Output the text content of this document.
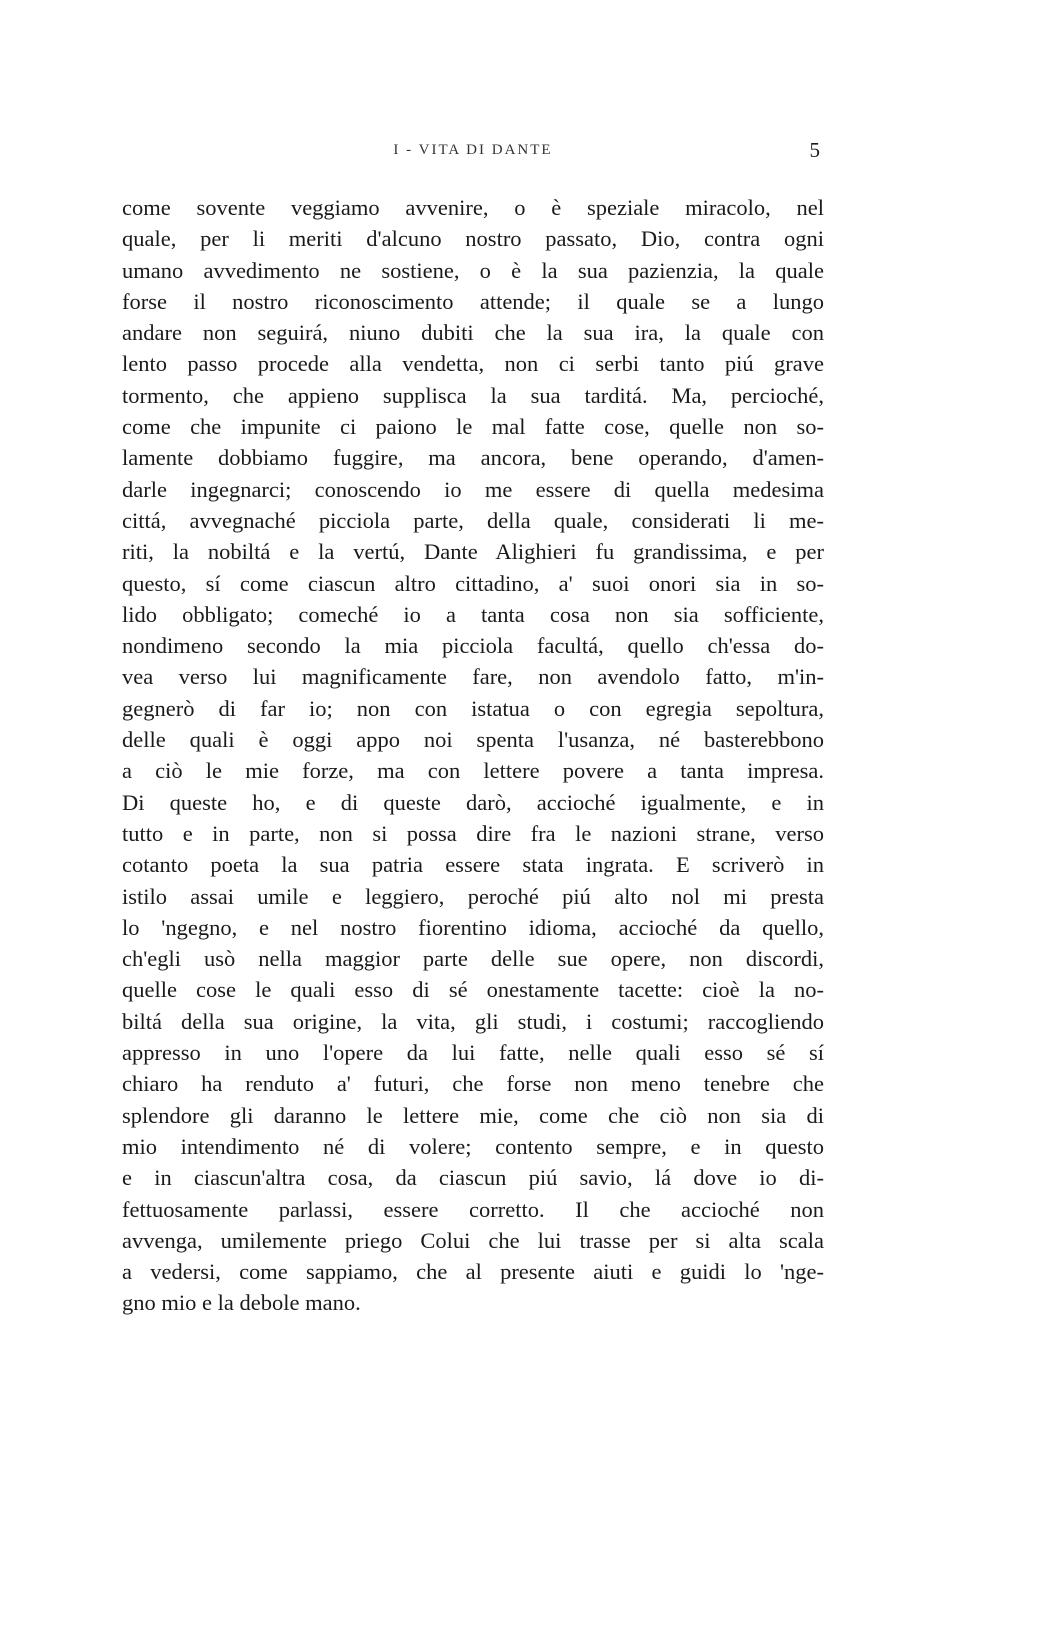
I - VITA DI DANTE	5
come sovente veggiamo avvenire, o è speziale miracolo, nel
quale, per li meriti d'alcuno nostro passato, Dio, contra ogni
umano avvedimento ne sostiene, o è la sua pazienzia, la quale
forse il nostro riconoscimento attende; il quale se a lungo
andare non seguirá, niuno dubiti che la sua ira, la quale con
lento passo procede alla vendetta, non ci serbi tanto piú grave
tormento, che appieno supplisca la sua tarditá. Ma, percioché,
come che impunite ci paiono le mal fatte cose, quelle non so-
lamente dobbiamo fuggire, ma ancora, bene operando, d'amen-
darle ingegnarci; conoscendo io me essere di quella medesima
cittá, avvegnaché picciola parte, della quale, considerati li me-
riti, la nobiltá e la vertú, Dante Alighieri fu grandissima, e per
questo, sí come ciascun altro cittadino, a' suoi onori sia in so-
lido obbligato; comeché io a tanta cosa non sia sofficiente,
nondimeno secondo la mia picciola facultá, quello ch'essa do-
vea verso lui magnificamente fare, non avendolo fatto, m'in-
gegnerò di far io; non con istatua o con egregia sepoltura,
delle quali è oggi appo noi spenta l'usanza, né basterebbono
a ciò le mie forze, ma con lettere povere a tanta impresa.
Di queste ho, e di queste darò, accioché igualmente, e in
tutto e in parte, non si possa dire fra le nazioni strane, verso
cotanto poeta la sua patria essere stata ingrata. E scriverò in
istilo assai umile e leggiero, peroché piú alto nol mi presta
lo 'ngegno, e nel nostro fiorentino idioma, accioché da quello,
ch'egli usò nella maggior parte delle sue opere, non discordi,
quelle cose le quali esso di sé onestamente tacette: cioè la no-
biltá della sua origine, la vita, gli studi, i costumi; raccogliendo
appresso in uno l'opere da lui fatte, nelle quali esso sé sí
chiaro ha renduto a' futuri, che forse non meno tenebre che
splendore gli daranno le lettere mie, come che ciò non sia di
mio intendimento né di volere; contento sempre, e in questo
e in ciascun'altra cosa, da ciascun piú savio, lá dove io di-
fettuosamente parlassi, essere corretto. Il che accioché non
avvenga, umilemente priego Colui che lui trasse per si alta scala
a vedersi, come sappiamo, che al presente aiuti e guidi lo 'nge-
gno mio e la debole mano.
